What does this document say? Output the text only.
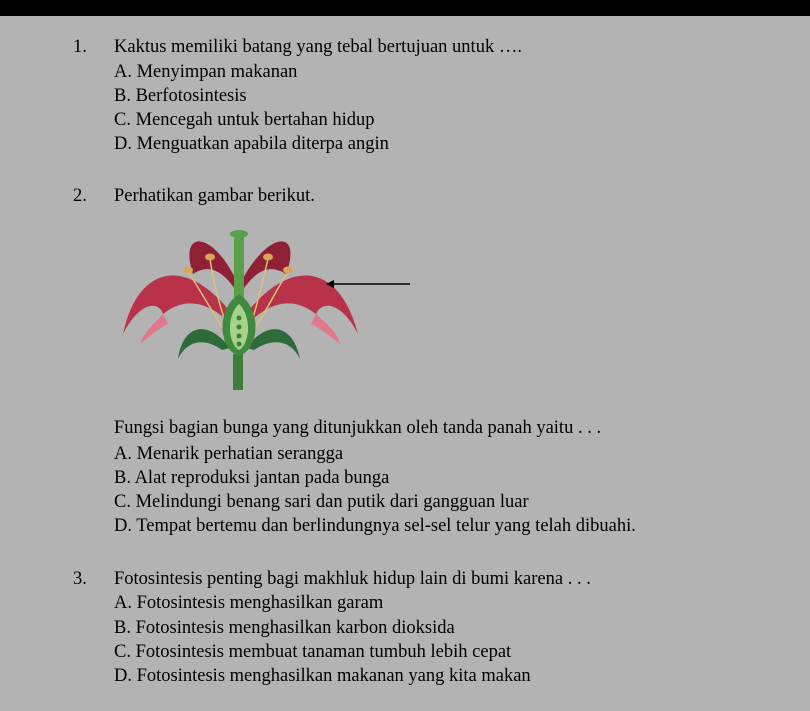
1. Kaktus memiliki batang yang tebal bertujuan untuk ….
A. Menyimpan makanan
B. Berfotosintesis
C. Mencegah untuk bertahan hidup
D. Menguatkan apabila diterpa angin
2. Perhatikan gambar berikut.
Fungsi bagian bunga yang ditunjukkan oleh tanda panah yaitu . . .
A. Menarik perhatian serangga
B. Alat reproduksi jantan pada bunga
C. Melindungi benang sari dan putik dari gangguan luar
D. Tempat bertemu dan berlindungnya sel-sel telur yang telah dibuahi.
3. Fotosintesis penting bagi makhluk hidup lain di bumi karena . . .
A. Fotosintesis menghasilkan garam
B. Fotosintesis menghasilkan karbon dioksida
C. Fotosintesis membuat tanaman tumbuh lebih cepat
D. Fotosintesis menghasilkan makanan yang kita makan
